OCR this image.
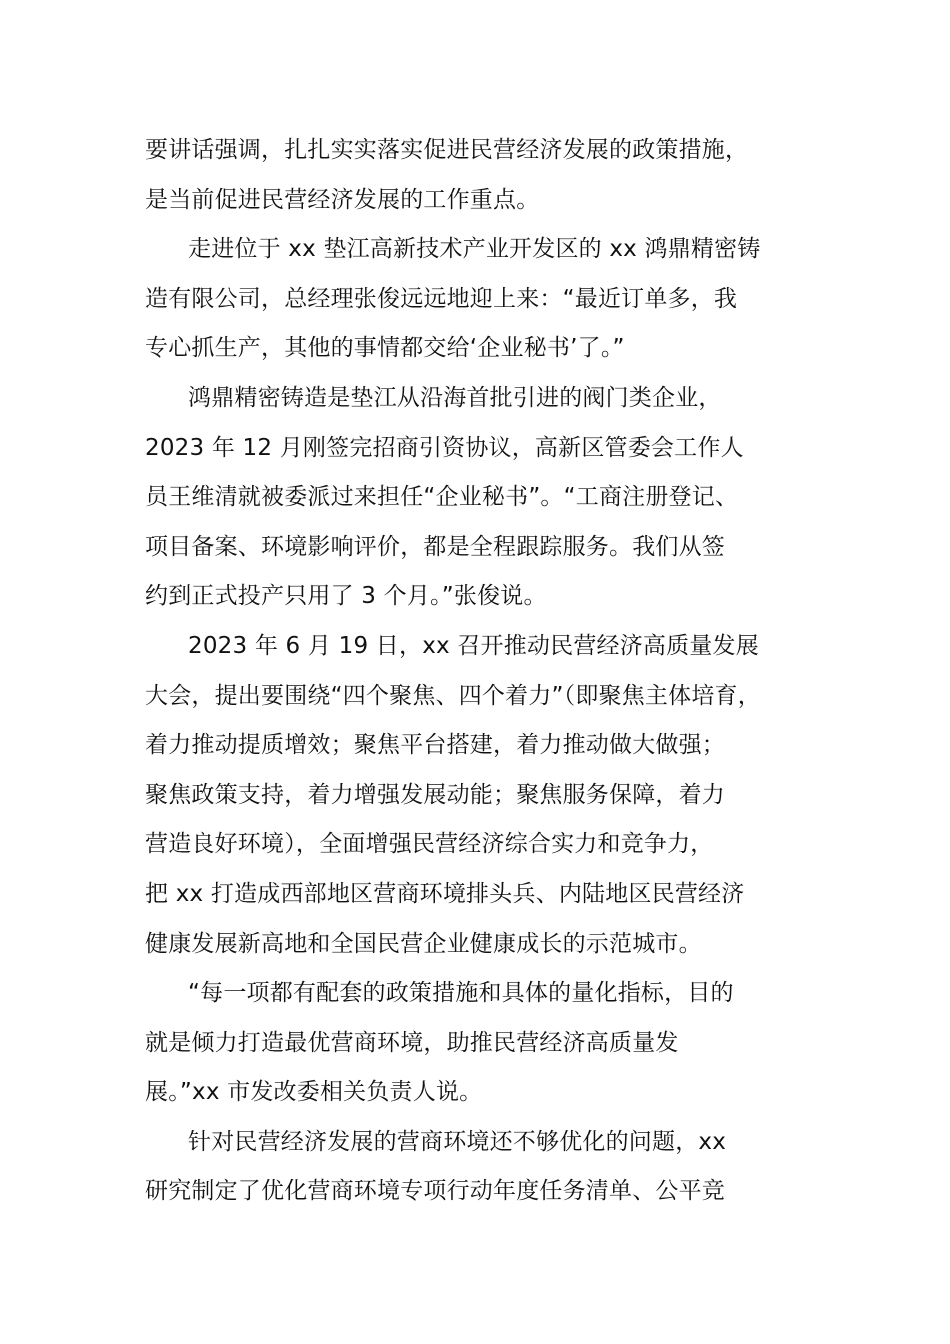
要讲话强调，扎扎实实落实促进民营经济发展的政策措施，
是当前促进民营经济发展的工作重点。
走进位于 xx 垫江高新技术产业开发区的 xx 鸿鼎精密铸
造有限公司，总经理张俊远远地迎上来：“最近订单多，我
专心抓生产，其他的事情都交给‘企业秘书’了。”
鸿鼎精密铸造是垫江从沿海首批引进的阀门类企业，
2023 年 12 月刚签完招商引资协议，高新区管委会工作人
员王维清就被委派过来担任“企业秘书”。“工商注册登记、
项目备案、环境影响评价，都是全程跟踪服务。我们从签
约到正式投产只用了 3 个月。”张俊说。
2023 年 6 月 19 日，xx 召开推动民营经济高质量发展
大会，提出要围绕“四个聚焦、四个着力”（即聚焦主体培育，
着力推动提质增效；聚焦平台搭建，着力推动做大做强；
聚焦政策支持，着力增强发展动能；聚焦服务保障，着力
营造良好环境），全面增强民营经济综合实力和竞争力，
把 xx 打造成西部地区营商环境排头兵、内陆地区民营经济
健康发展新高地和全国民营企业健康成长的示范城市。
“每一项都有配套的政策措施和具体的量化指标，目的
就是倾力打造最优营商环境，助推民营经济高质量发
展。”xx 市发改委相关负责人说。
针对民营经济发展的营商环境还不够优化的问题，xx
研究制定了优化营商环境专项行动年度任务清单、公平竞
